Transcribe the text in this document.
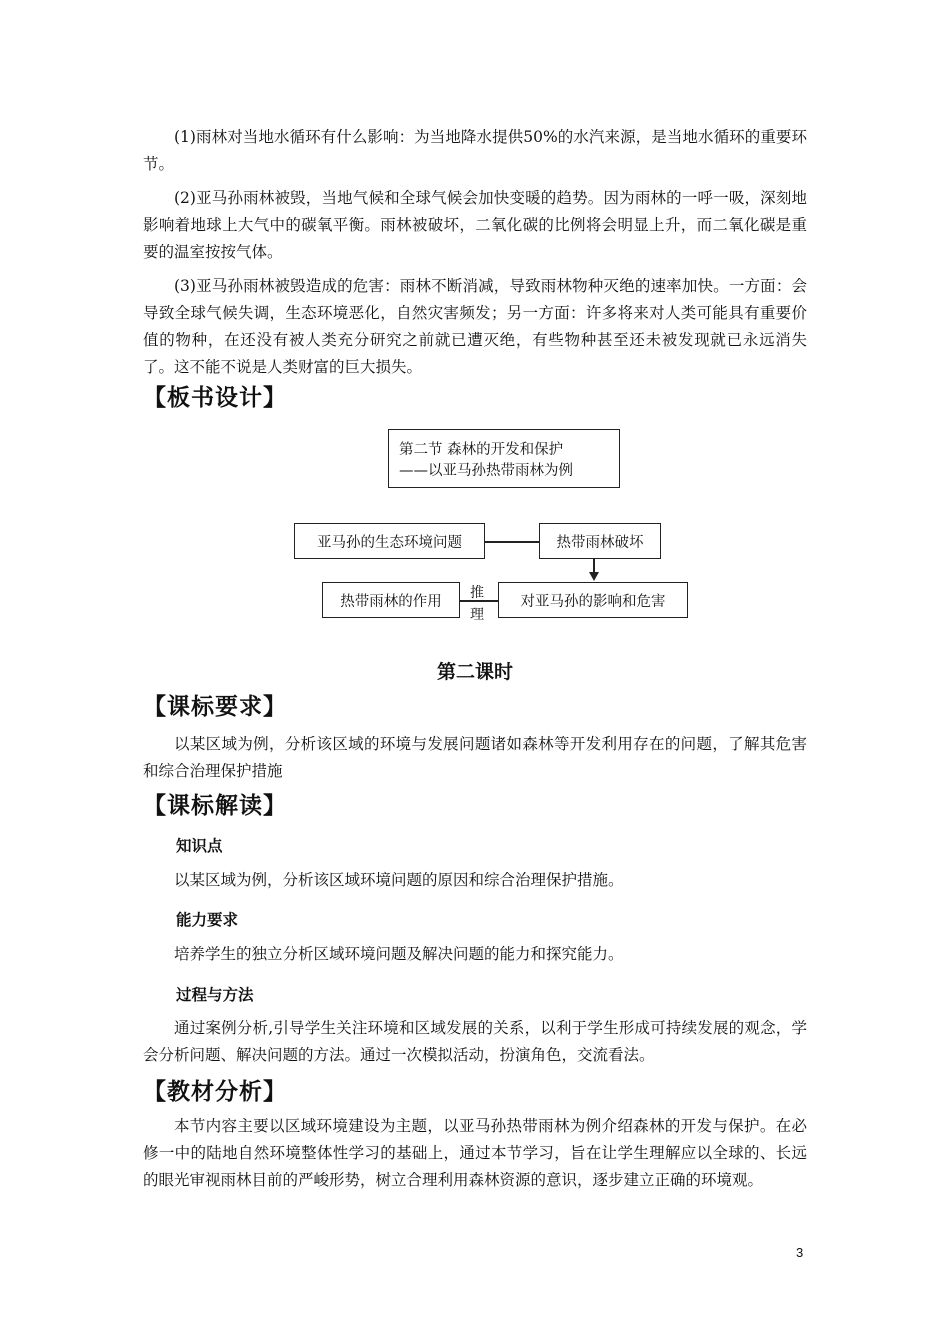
(1)雨林对当地水循环有什么影响：为当地降水提供50%的水汽来源，是当地水循环的重要环节。

(2)亚马孙雨林被毁，当地气候和全球气候会加快变暖的趋势。因为雨林的一呼一吸，深刻地影响着地球上大气中的碳氧平衡。雨林被破坏，二氧化碳的比例将会明显上升，而二氧化碳是重要的温室按按气体。

(3)亚马孙雨林被毁造成的危害：雨林不断消减，导致雨林物种灭绝的速率加快。一方面：会导致全球气候失调，生态环境恶化，自然灾害频发；另一方面：许多将来对人类可能具有重要价值的物种，在还没有被人类充分研究之前就已遭灭绝，有些物种甚至还未被发现就已永远消失了。这不能不说是人类财富的巨大损失。

【板书设计】
第二节 森林的开发和保护
——以亚马孙热带雨林为例
亚马孙的生态环境问题	热带雨林破坏
热带雨林的作用
推
理
对亚马孙的影响和危害
第二课时
【课标要求】

以某区域为例，分析该区域的环境与发展问题诸如森林等开发利用存在的问题，了解其危害和综合治理保护措施

【课标解读】

知识点

以某区域为例，分析该区域环境问题的原因和综合治理保护措施。

能力要求

培养学生的独立分析区域环境问题及解决问题的能力和探究能力。

过程与方法

通过案例分析,引导学生关注环境和区域发展的关系，以利于学生形成可持续发展的观念，学会分析问题、解决问题的方法。通过一次模拟活动，扮演角色，交流看法。

【教材分析】

本节内容主要以区域环境建设为主题，以亚马孙热带雨林为例介绍森林的开发与保护。在必修一中的陆地自然环境整体性学习的基础上，通过本节学习，旨在让学生理解应以全球的、长远的眼光审视雨林目前的严峻形势，树立合理利用森林资源的意识，逐步建立正确的环境观。

3
